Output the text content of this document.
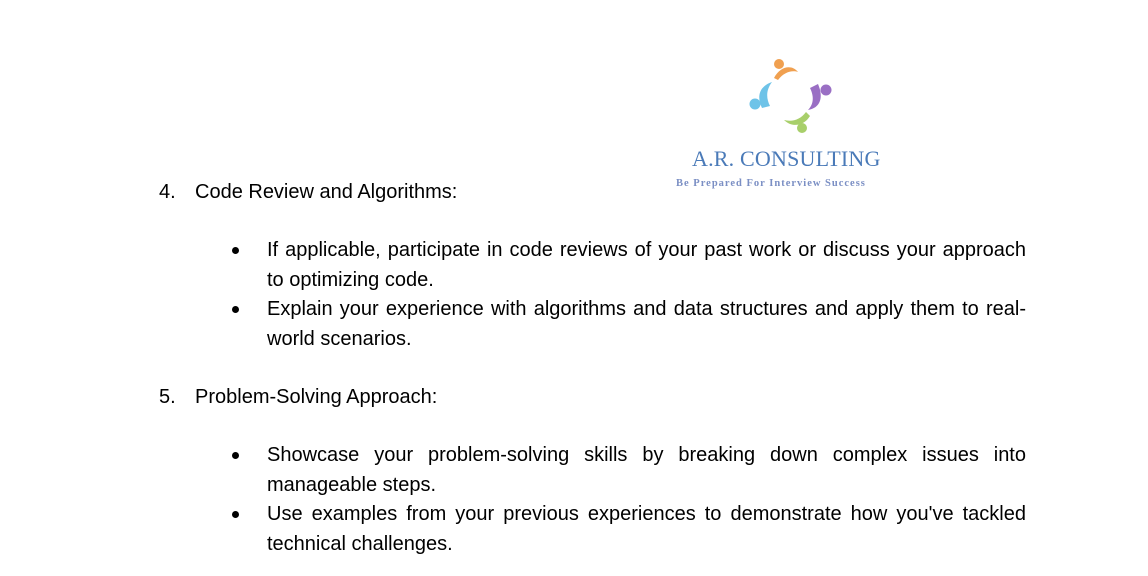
A.R. CONSULTING
Be Prepared For Interview Success
4. Code Review and Algorithms:
If applicable, participate in code reviews of your past work or discuss your approach to optimizing code.
Explain your experience with algorithms and data structures and apply them to real-world scenarios.
5. Problem-Solving Approach:
Showcase your problem-solving skills by breaking down complex issues into manageable steps.
Use examples from your previous experiences to demonstrate how you've tackled technical challenges.
